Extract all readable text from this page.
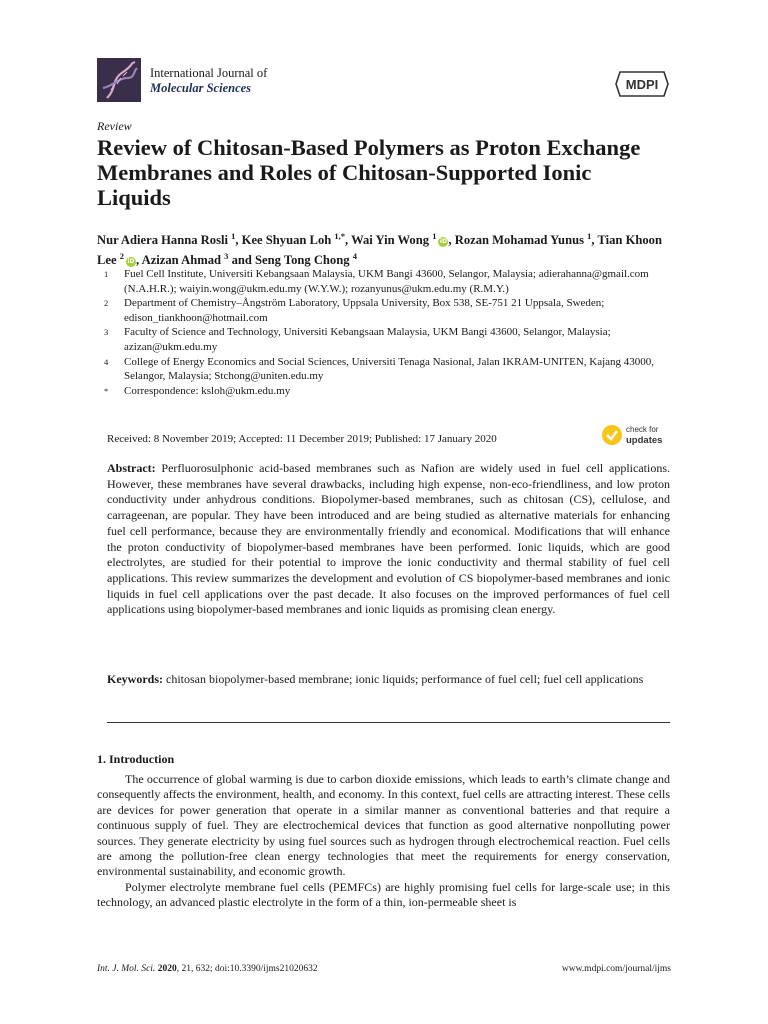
International Journal of
Molecular Sciences	MDPI
Review
Review of Chitosan-Based Polymers as Proton Exchange Membranes and Roles of Chitosan-Supported Ionic Liquids
Nur Adiera Hanna Rosli $^1$, Kee Shyuan Loh $^{1,*}$, Wai Yin Wong $^1$iD, Rozan Mohamad Yunus $^1$, Tian Khoon Lee $^2$iD, Azizan Ahmad $^3$ and Seng Tong Chong $^4$
1	Fuel Cell Institute, Universiti Kebangsaan Malaysia, UKM Bangi 43600, Selangor, Malaysia; adierahanna@gmail.com (N.A.H.R.); waiyin.wong@ukm.edu.my (W.Y.W.); rozanyunus@ukm.edu.my (R.M.Y.)
2	Department of Chemistry–Ångström Laboratory, Uppsala University, Box 538, SE-751 21 Uppsala, Sweden; edison_tiankhoon@hotmail.com
3	Faculty of Science and Technology, Universiti Kebangsaan Malaysia, UKM Bangi 43600, Selangor, Malaysia; azizan@ukm.edu.my
4	College of Energy Economics and Social Sciences, Universiti Tenaga Nasional, Jalan IKRAM-UNITEN, Kajang 43000, Selangor, Malaysia; Stchong@uniten.edu.my
*	Correspondence: ksloh@ukm.edu.my
Received: 8 November 2019; Accepted: 11 December 2019; Published: 17 January 2020
check for
updates
Abstract: Perfluorosulphonic acid-based membranes such as Nafion are widely used in fuel cell applications. However, these membranes have several drawbacks, including high expense, non-eco-friendliness, and low proton conductivity under anhydrous conditions. Biopolymer-based membranes, such as chitosan (CS), cellulose, and carrageenan, are popular. They have been introduced and are being studied as alternative materials for enhancing fuel cell performance, because they are environmentally friendly and economical. Modifications that will enhance the proton conductivity of biopolymer-based membranes have been performed. Ionic liquids, which are good electrolytes, are studied for their potential to improve the ionic conductivity and thermal stability of fuel cell applications. This review summarizes the development and evolution of CS biopolymer-based membranes and ionic liquids in fuel cell applications over the past decade. It also focuses on the improved performances of fuel cell applications using biopolymer-based membranes and ionic liquids as promising clean energy.
Keywords: chitosan biopolymer-based membrane; ionic liquids; performance of fuel cell; fuel cell applications
1. Introduction

The occurrence of global warming is due to carbon dioxide emissions, which leads to earth’s climate change and consequently affects the environment, health, and economy. In this context, fuel cells are attracting interest. These cells are devices for power generation that operate in a similar manner as conventional batteries and that require a continuous supply of fuel. They are electrochemical devices that function as good alternative nonpolluting power sources. They generate electricity by using fuel sources such as hydrogen through electrochemical reaction. Fuel cells are among the pollution-free clean energy technologies that meet the requirements for energy conservation, environmental sustainability, and economic growth.

Polymer electrolyte membrane fuel cells (PEMFCs) are highly promising fuel cells for large-scale use; in this technology, an advanced plastic electrolyte in the form of a thin, ion-permeable sheet is

Int. J. Mol. Sci. 2020, 21, 632; doi:10.3390/ijms21020632	www.mdpi.com/journal/ijms
